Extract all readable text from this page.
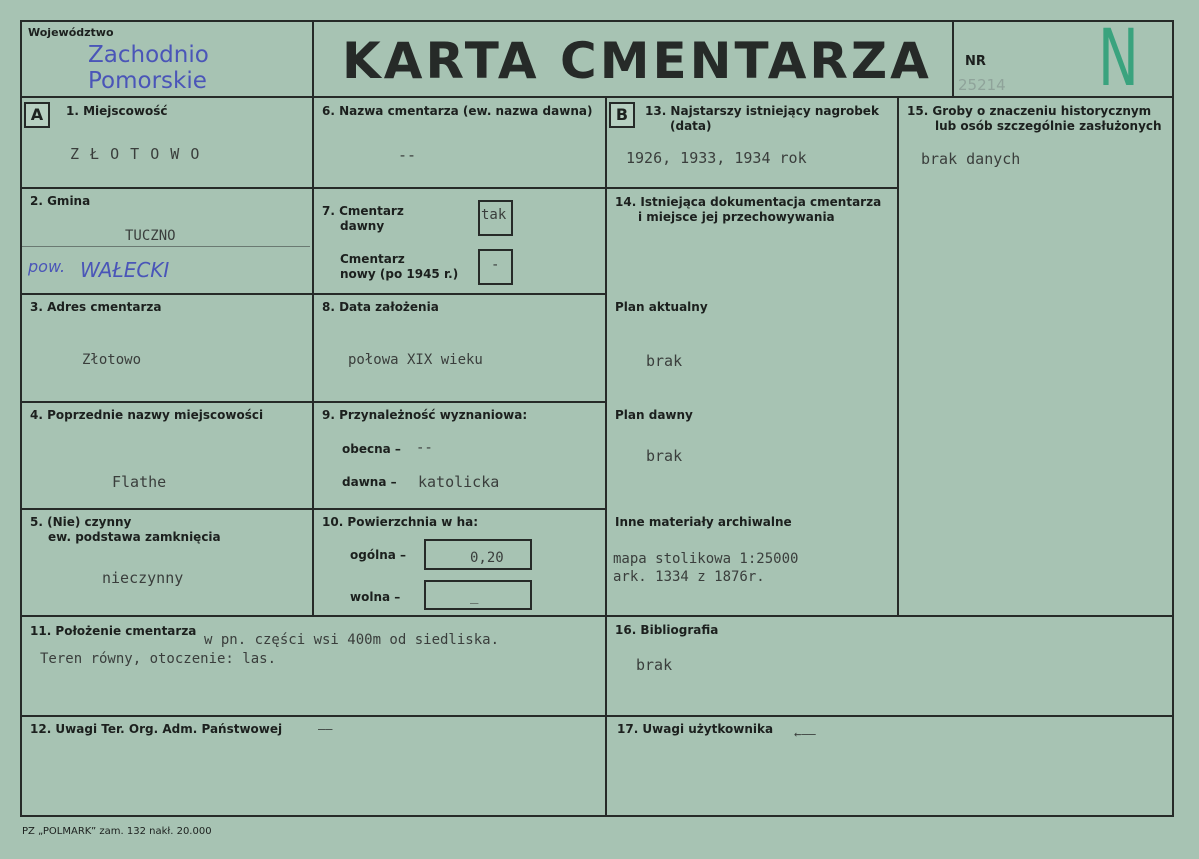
Województwo
Zachodnio
Pomorskie	KARTA CMENTARZA	NR N
25214
A	B
1. Miejscowość
Z Ł O T O W O
2. Gmina
TUCZNO
pow. WAŁECKI
3. Adres cmentarza
Złotowo
4. Poprzednie nazwy miejscowości
Flathe
5. (Nie) czynny
ew. podstawa zamknięcia
nieczynny
6. Nazwa cmentarza (ew. nazwa dawna)
--
7. Cmentarz
dawny
tak
Cmentarz
nowy (po 1945 r.)
-
8. Data założenia
połowa XIX wieku
9. Przynależność wyznaniowa:
obecna – --
dawna – katolicka
10. Powierzchnia w ha:
ogólna –	0,20
wolna –	_
13. Najstarszy istniejący nagrobek
(data)
1926, 1933, 1934 rok
14. Istniejąca dokumentacja cmentarza
i miejsce jej przechowywania
Plan aktualny
brak
Plan dawny
brak
Inne materiały archiwalne
mapa stolikowa 1:25000
ark. 1334 z 1876r.
15. Groby o znaczeniu historycznym
lub osób szczególnie zasłużonych
brak danych
11. Położenie cmentarza
w pn. części wsi 400m od siedliska.
Teren równy, otoczenie: las.
16. Bibliografia
brak
12. Uwagi Ter. Org. Adm. Państwowej	——	17. Uwagi użytkownika ←——
PZ „POLMARK” zam. 132 nakł. 20.000
